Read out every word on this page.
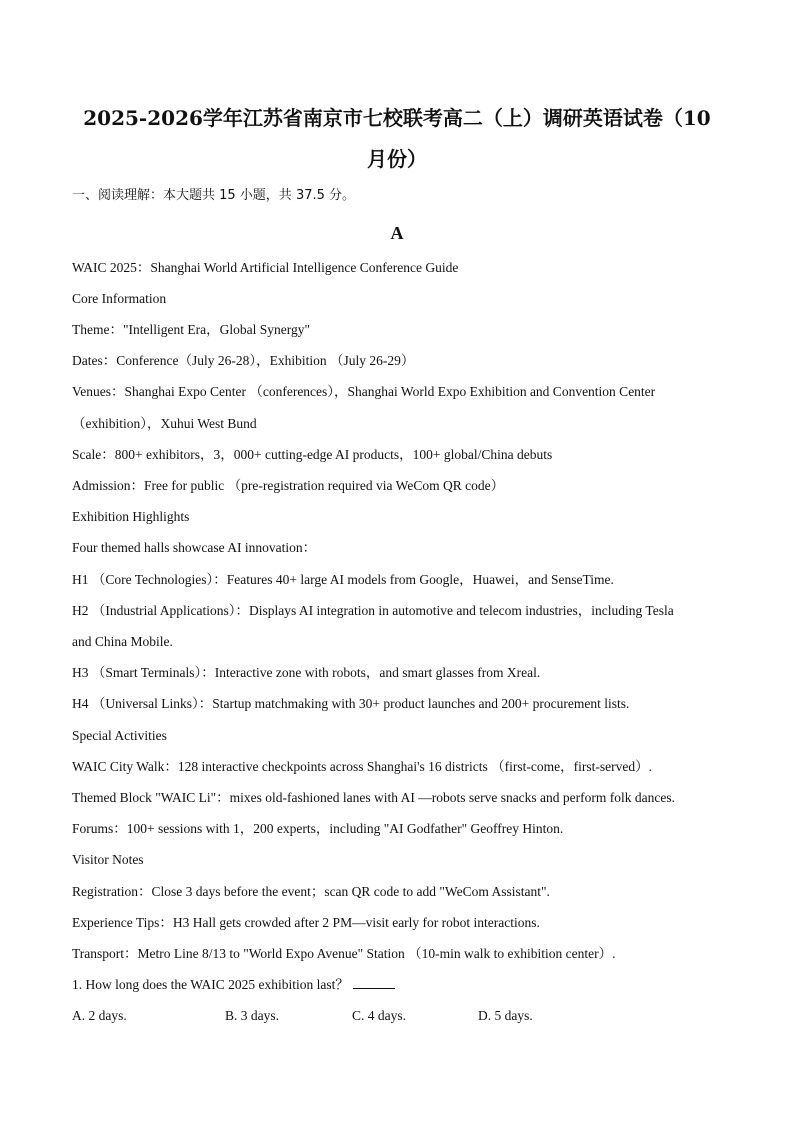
2025-2026学年江苏省南京市七校联考高二（上）调研英语试卷（10
月份）
一、阅读理解：本大题共 15 小题，共 37.5 分。
A
WAIC 2025：Shanghai World Artificial Intelligence Conference Guide
Core Information
Theme："Intelligent Era，Global Synergy"
Dates：Conference（July 26-28），Exhibition （July 26-29）
Venues：Shanghai Expo Center （conferences），Shanghai World Expo Exhibition and Convention Center
（exhibition），Xuhui West Bund
Scale：800+ exhibitors，3，000+ cutting-edge AI products，100+ global/China debuts
Admission：Free for public （pre-registration required via WeCom QR code）
Exhibition Highlights
Four themed halls showcase AI innovation：
H1 （Core Technologies）：Features 40+ large AI models from Google，Huawei，and SenseTime.
H2 （Industrial Applications）：Displays AI integration in automotive and telecom industries，including Tesla
and China Mobile.
H3 （Smart Terminals）：Interactive zone with robots，and smart glasses from Xreal.
H4 （Universal Links）：Startup matchmaking with 30+ product launches and 200+ procurement lists.
Special Activities
WAIC City Walk：128 interactive checkpoints across Shanghai's 16 districts （first-come，first-served）.
Themed Block "WAIC Li"：mixes old-fashioned lanes with AI —robots serve snacks and perform folk dances.
Forums：100+ sessions with 1，200 experts，including "AI Godfather" Geoffrey Hinton.
Visitor Notes
Registration：Close 3 days before the event；scan QR code to add "WeCom Assistant".
Experience Tips：H3 Hall gets crowded after 2 PM—visit early for robot interactions.
Transport：Metro Line 8/13 to "World Expo Avenue" Station （10-min walk to exhibition center）.
1. How long does the WAIC 2025 exhibition last？
A. 2 days.	B. 3 days.	C. 4 days.	D. 5 days.
